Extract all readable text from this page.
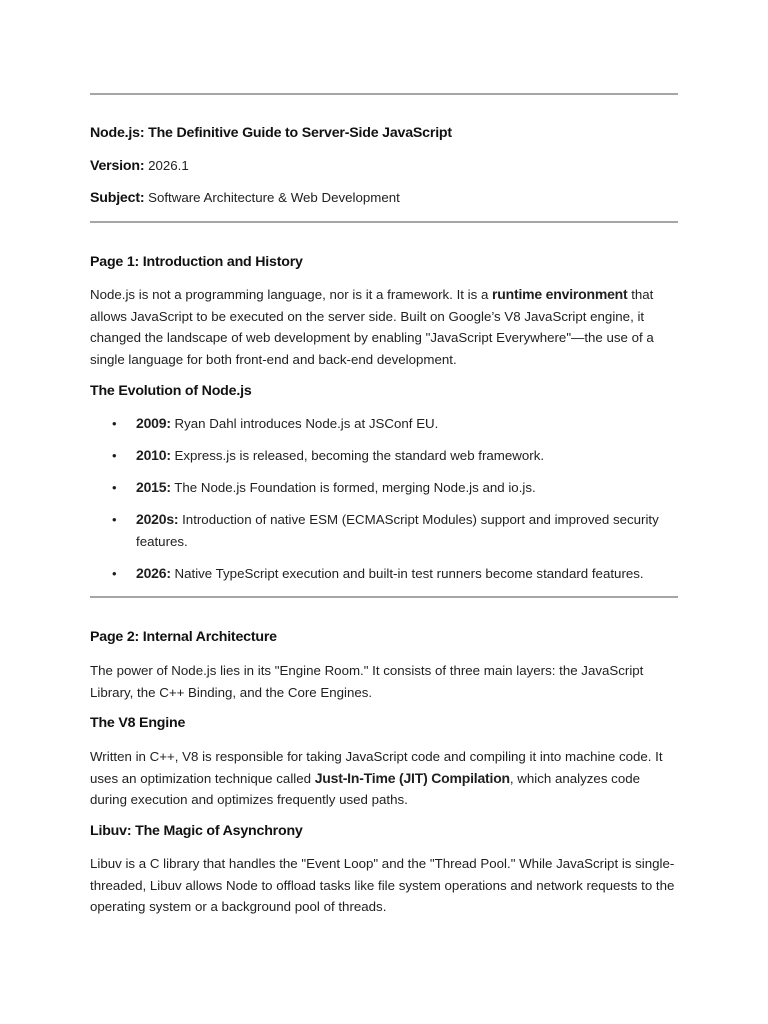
Node.js: The Definitive Guide to Server-Side JavaScript
Version: 2026.1
Subject: Software Architecture & Web Development
Page 1: Introduction and History

Node.js is not a programming language, nor is it a framework. It is a runtime environment that allows JavaScript to be executed on the server side. Built on Google’s V8 JavaScript engine, it changed the landscape of web development by enabling "JavaScript Everywhere"—the use of a single language for both front-end and back-end development.

The Evolution of Node.js
• 2009: Ryan Dahl introduces Node.js at JSConf EU.
• 2010: Express.js is released, becoming the standard web framework.
• 2015: The Node.js Foundation is formed, merging Node.js and io.js.
• 2020s: Introduction of native ESM (ECMAScript Modules) support and improved security features.
• 2026: Native TypeScript execution and built-in test runners become standard features.
Page 2: Internal Architecture

The power of Node.js lies in its "Engine Room." It consists of three main layers: the JavaScript Library, the C++ Binding, and the Core Engines.

The V8 Engine

Written in C++, V8 is responsible for taking JavaScript code and compiling it into machine code. It uses an optimization technique called Just-In-Time (JIT) Compilation, which analyzes code during execution and optimizes frequently used paths.

Libuv: The Magic of Asynchrony

Libuv is a C library that handles the "Event Loop" and the "Thread Pool." While JavaScript is single-threaded, Libuv allows Node to offload tasks like file system operations and network requests to the operating system or a background pool of threads.
